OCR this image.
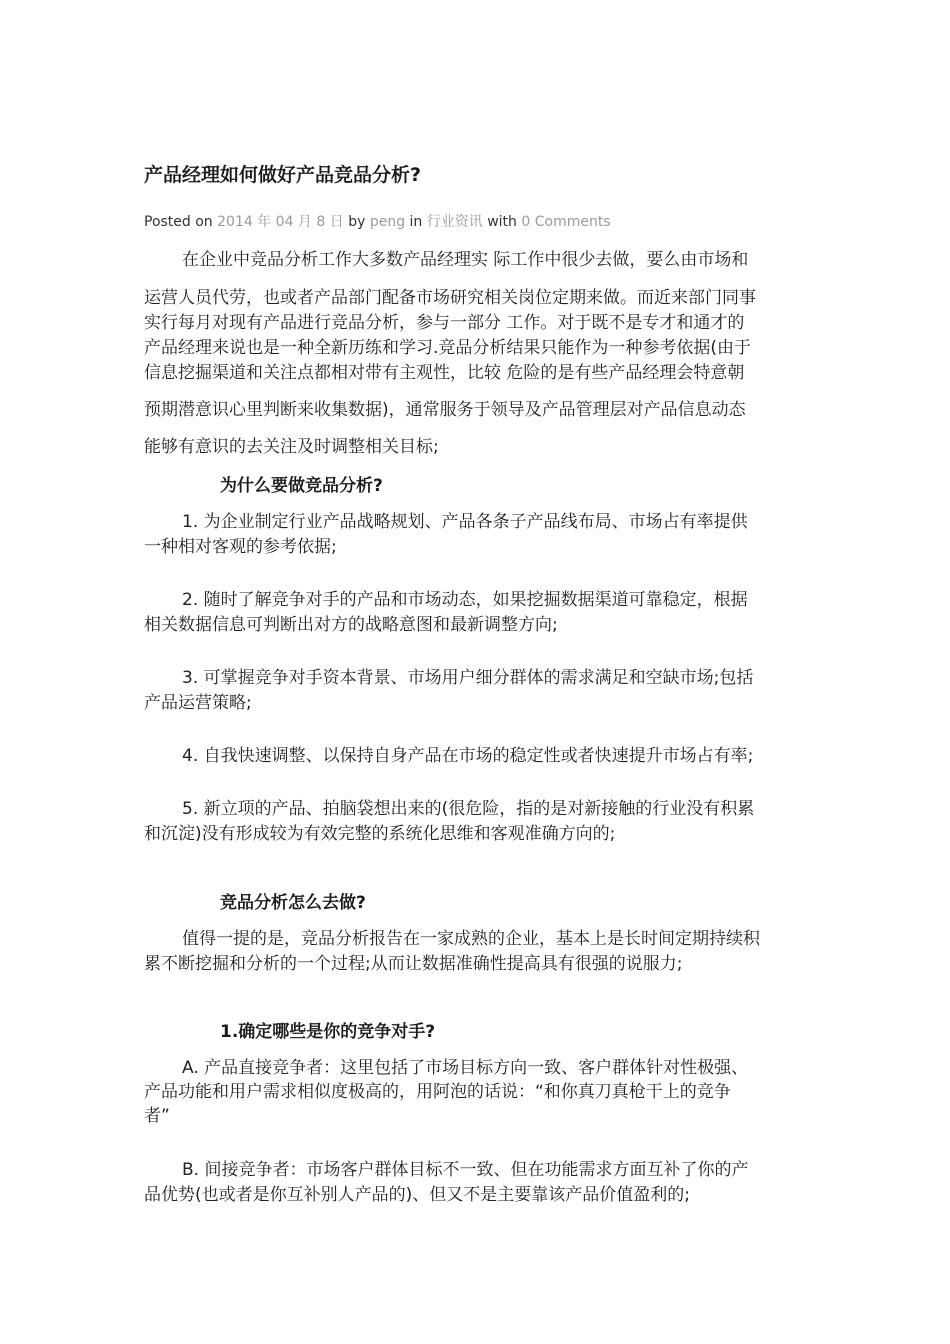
产品经理如何做好产品竞品分析?
Posted on 2014 年 04 月 8 日 by peng in 行业资讯 with 0 Comments
在企业中竞品分析工作大多数产品经理实 际工作中很少去做，要么由市场和
运营人员代劳，也或者产品部门配备市场研究相关岗位定期来做。而近来部门同事
实行每月对现有产品进行竞品分析，参与一部分 工作。对于既不是专才和通才的
产品经理来说也是一种全新历练和学习.竞品分析结果只能作为一种参考依据(由于
信息挖掘渠道和关注点都相对带有主观性，比较 危险的是有些产品经理会特意朝
预期潜意识心里判断来收集数据)，通常服务于领导及产品管理层对产品信息动态
能够有意识的去关注及时调整相关目标;
为什么要做竞品分析?
1. 为企业制定行业产品战略规划、产品各条子产品线布局、市场占有率提供
一种相对客观的参考依据;
2. 随时了解竞争对手的产品和市场动态，如果挖掘数据渠道可靠稳定，根据
相关数据信息可判断出对方的战略意图和最新调整方向;
3. 可掌握竞争对手资本背景、市场用户细分群体的需求满足和空缺市场;包括
产品运营策略;
4. 自我快速调整、以保持自身产品在市场的稳定性或者快速提升市场占有率;
5. 新立项的产品、拍脑袋想出来的(很危险，指的是对新接触的行业没有积累
和沉淀)没有形成较为有效完整的系统化思维和客观准确方向的;
竞品分析怎么去做?
值得一提的是，竞品分析报告在一家成熟的企业，基本上是长时间定期持续积
累不断挖掘和分析的一个过程;从而让数据准确性提高具有很强的说服力;
1.确定哪些是你的竞争对手?
A. 产品直接竞争者：这里包括了市场目标方向一致、客户群体针对性极强、
产品功能和用户需求相似度极高的，用阿泡的话说：“和你真刀真枪干上的竞争
者”
B. 间接竞争者：市场客户群体目标不一致、但在功能需求方面互补了你的产
品优势(也或者是你互补别人产品的)、但又不是主要靠该产品价值盈利的;
